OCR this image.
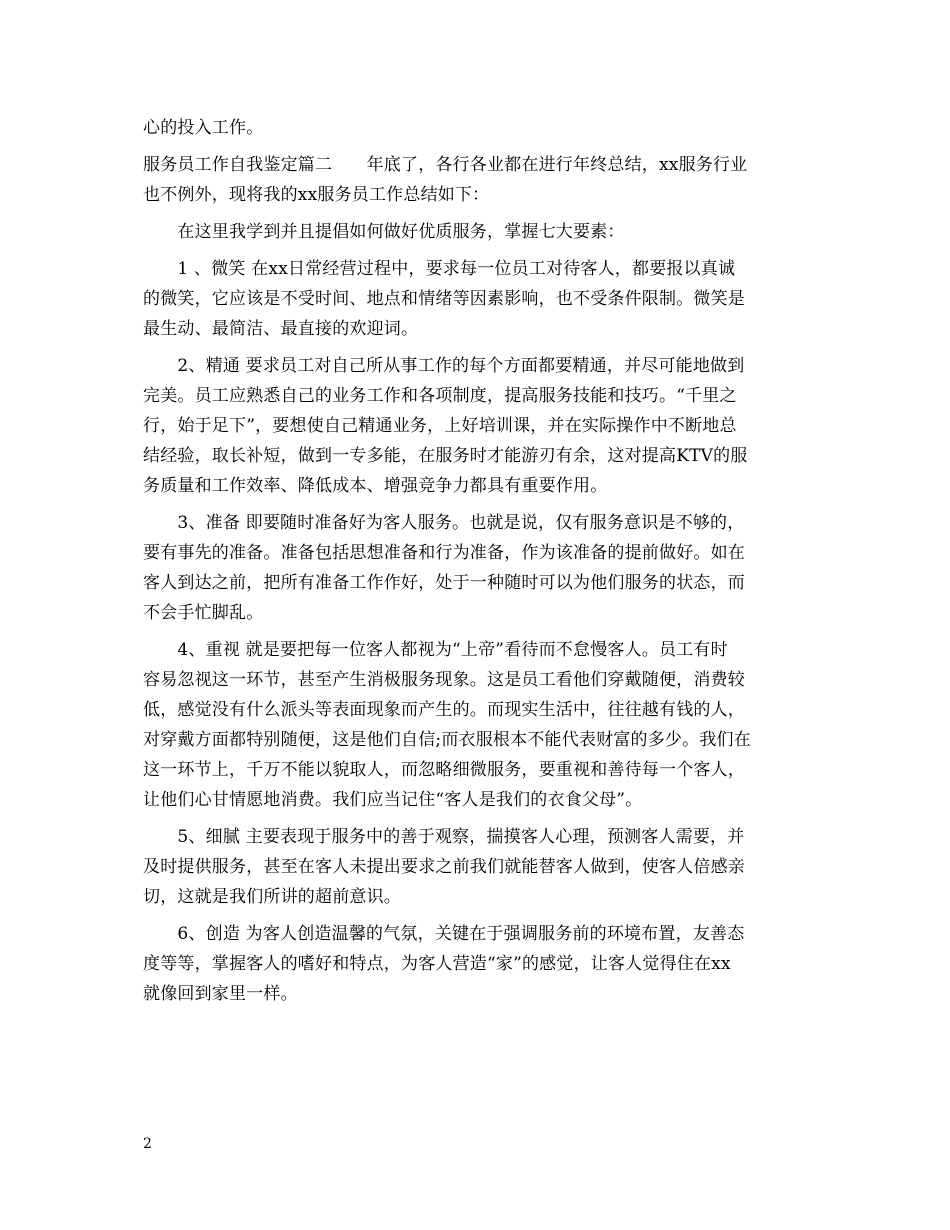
心的投入工作。
服务员工作自我鉴定篇二　　年底了，各行各业都在进行年终总结，xx服务行业
也不例外，现将我的xx服务员工作总结如下：
　　在这里我学到并且提倡如何做好优质服务，掌握七大要素：
　　1 、微笑 在xx日常经营过程中，要求每一位员工对待客人，都要报以真诚
的微笑，它应该是不受时间、地点和情绪等因素影响，也不受条件限制。微笑是
最生动、最简洁、最直接的欢迎词。
　　2、精通 要求员工对自己所从事工作的每个方面都要精通，并尽可能地做到
完美。员工应熟悉自己的业务工作和各项制度，提高服务技能和技巧。“千里之
行，始于足下”，要想使自己精通业务，上好培训课，并在实际操作中不断地总
结经验，取长补短，做到一专多能，在服务时才能游刃有余，这对提高KTV的服
务质量和工作效率、降低成本、增强竞争力都具有重要作用。
　　3、准备 即要随时准备好为客人服务。也就是说，仅有服务意识是不够的，
要有事先的准备。准备包括思想准备和行为准备，作为该准备的提前做好。如在
客人到达之前，把所有准备工作作好，处于一种随时可以为他们服务的状态，而
不会手忙脚乱。
　　4、重视 就是要把每一位客人都视为“上帝”看待而不怠慢客人。员工有时
容易忽视这一环节，甚至产生消极服务现象。这是员工看他们穿戴随便，消费较
低，感觉没有什么派头等表面现象而产生的。而现实生活中，往往越有钱的人，
对穿戴方面都特别随便，这是他们自信;而衣服根本不能代表财富的多少。我们在
这一环节上，千万不能以貌取人，而忽略细微服务，要重视和善待每一个客人，
让他们心甘情愿地消费。我们应当记住“客人是我们的衣食父母”。
　　5、细腻 主要表现于服务中的善于观察，揣摸客人心理，预测客人需要，并
及时提供服务，甚至在客人未提出要求之前我们就能替客人做到，使客人倍感亲
切，这就是我们所讲的超前意识。
　　6、创造 为客人创造温馨的气氛，关键在于强调服务前的环境布置，友善态
度等等，掌握客人的嗜好和特点，为客人营造“家”的感觉，让客人觉得住在xx
就像回到家里一样。
2
